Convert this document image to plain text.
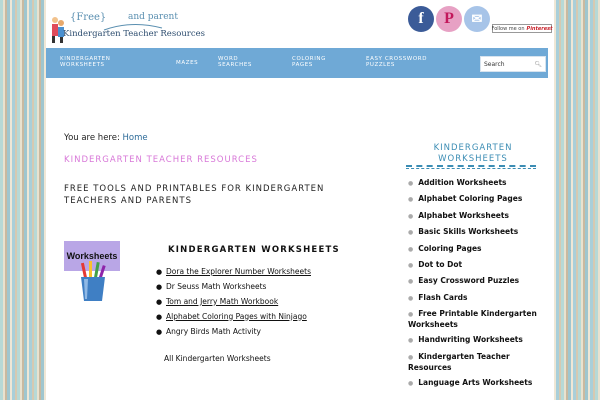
{Free} and parent
Kindergarten Teacher Resources
f P ✉
Follow me on Pinterest
KINDERGARTEN
WORKSHEETS	MAZES
WORD
SEARCHES
COLORING
PAGES
EASY CROSSWORD
PUZZLES	Search	🔍︎
You are here: Home
KINDERGARTEN TEACHER RESOURCES
FREE TOOLS AND PRINTABLES FOR KINDERGARTEN TEACHERS AND PARENTS
Worksheets
KINDERGARTEN WORKSHEETS
● Dora the Explorer Number Worksheets
● Dr Seuss Math Worksheets
● Tom and Jerry Math Workbook
● Alphabet Coloring Pages with Ninjago
● Angry Birds Math Activity
All Kindergarten Worksheets
KINDERGARTEN
WORKSHEETS
● Addition Worksheets
● Alphabet Coloring Pages
● Alphabet Worksheets
● Basic Skills Worksheets
● Coloring Pages
● Dot to Dot
● Easy Crossword Puzzles
● Flash Cards
● Free Printable Kindergarten Worksheets
● Handwriting Worksheets
● Kindergarten Teacher Resources
● Language Arts Worksheets
